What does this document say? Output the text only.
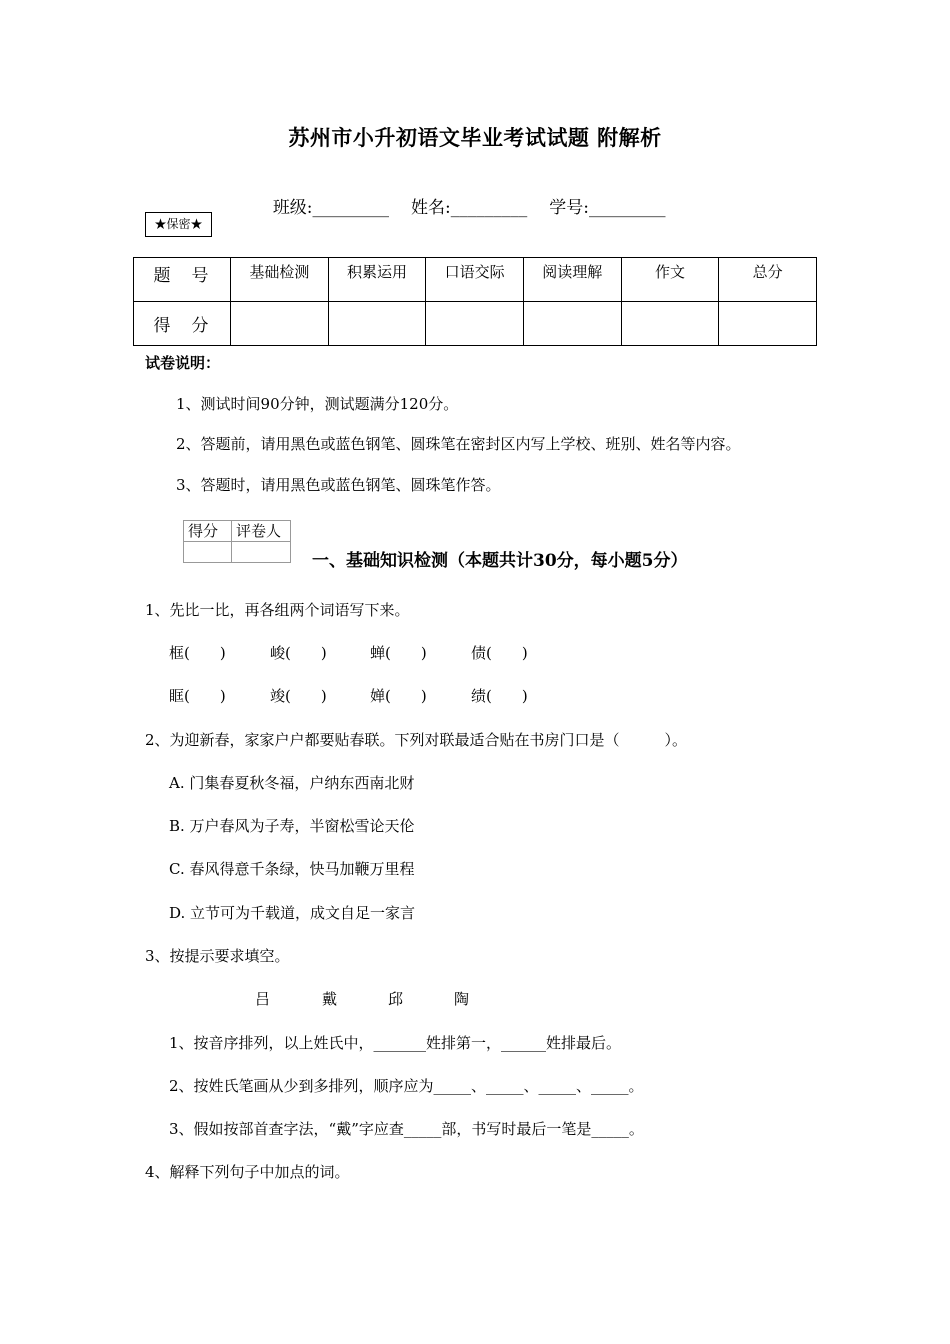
苏州市小升初语文毕业考试试题 附解析

班级:_________ 姓名:_________ 学号:_________

★保密★
题　号	基础检测	积累运用	口语交际	阅读理解	作文	总分
得　分						
试卷说明：
1、测试时间90分钟，测试题满分120分。
2、答题前，请用黑色或蓝色钢笔、圆珠笔在密封区内写上学校、班别、姓名等内容。
3、答题时，请用黑色或蓝色钢笔、圆珠笔作答。
得分	评卷人

一、基础知识检测（本题共计30分，每小题5分）
1、先比一比，再各组两个词语写下来。
框(　　)	峻(　　)	蝉(　　)	债(　　)
眶(　　)	竣(　　)	婵(　　)	绩(　　)
2、为迎新春，家家户户都要贴春联。下列对联最适合贴在书房门口是（　　　）。
A. 门集春夏秋冬福，户纳东西南北财
B. 万户春风为子寿，半窗松雪论天伦
C. 春风得意千条绿，快马加鞭万里程
D. 立节可为千载道，成文自足一家言
3、按提示要求填空。
吕	戴	邱	陶
1、按音序排列，以上姓氏中，_______姓排第一，______姓排最后。
2、按姓氏笔画从少到多排列，顺序应为_____、_____、_____、_____。
3、假如按部首查字法，“戴”字应查_____部，书写时最后一笔是_____。
4、解释下列句子中加点的词。
